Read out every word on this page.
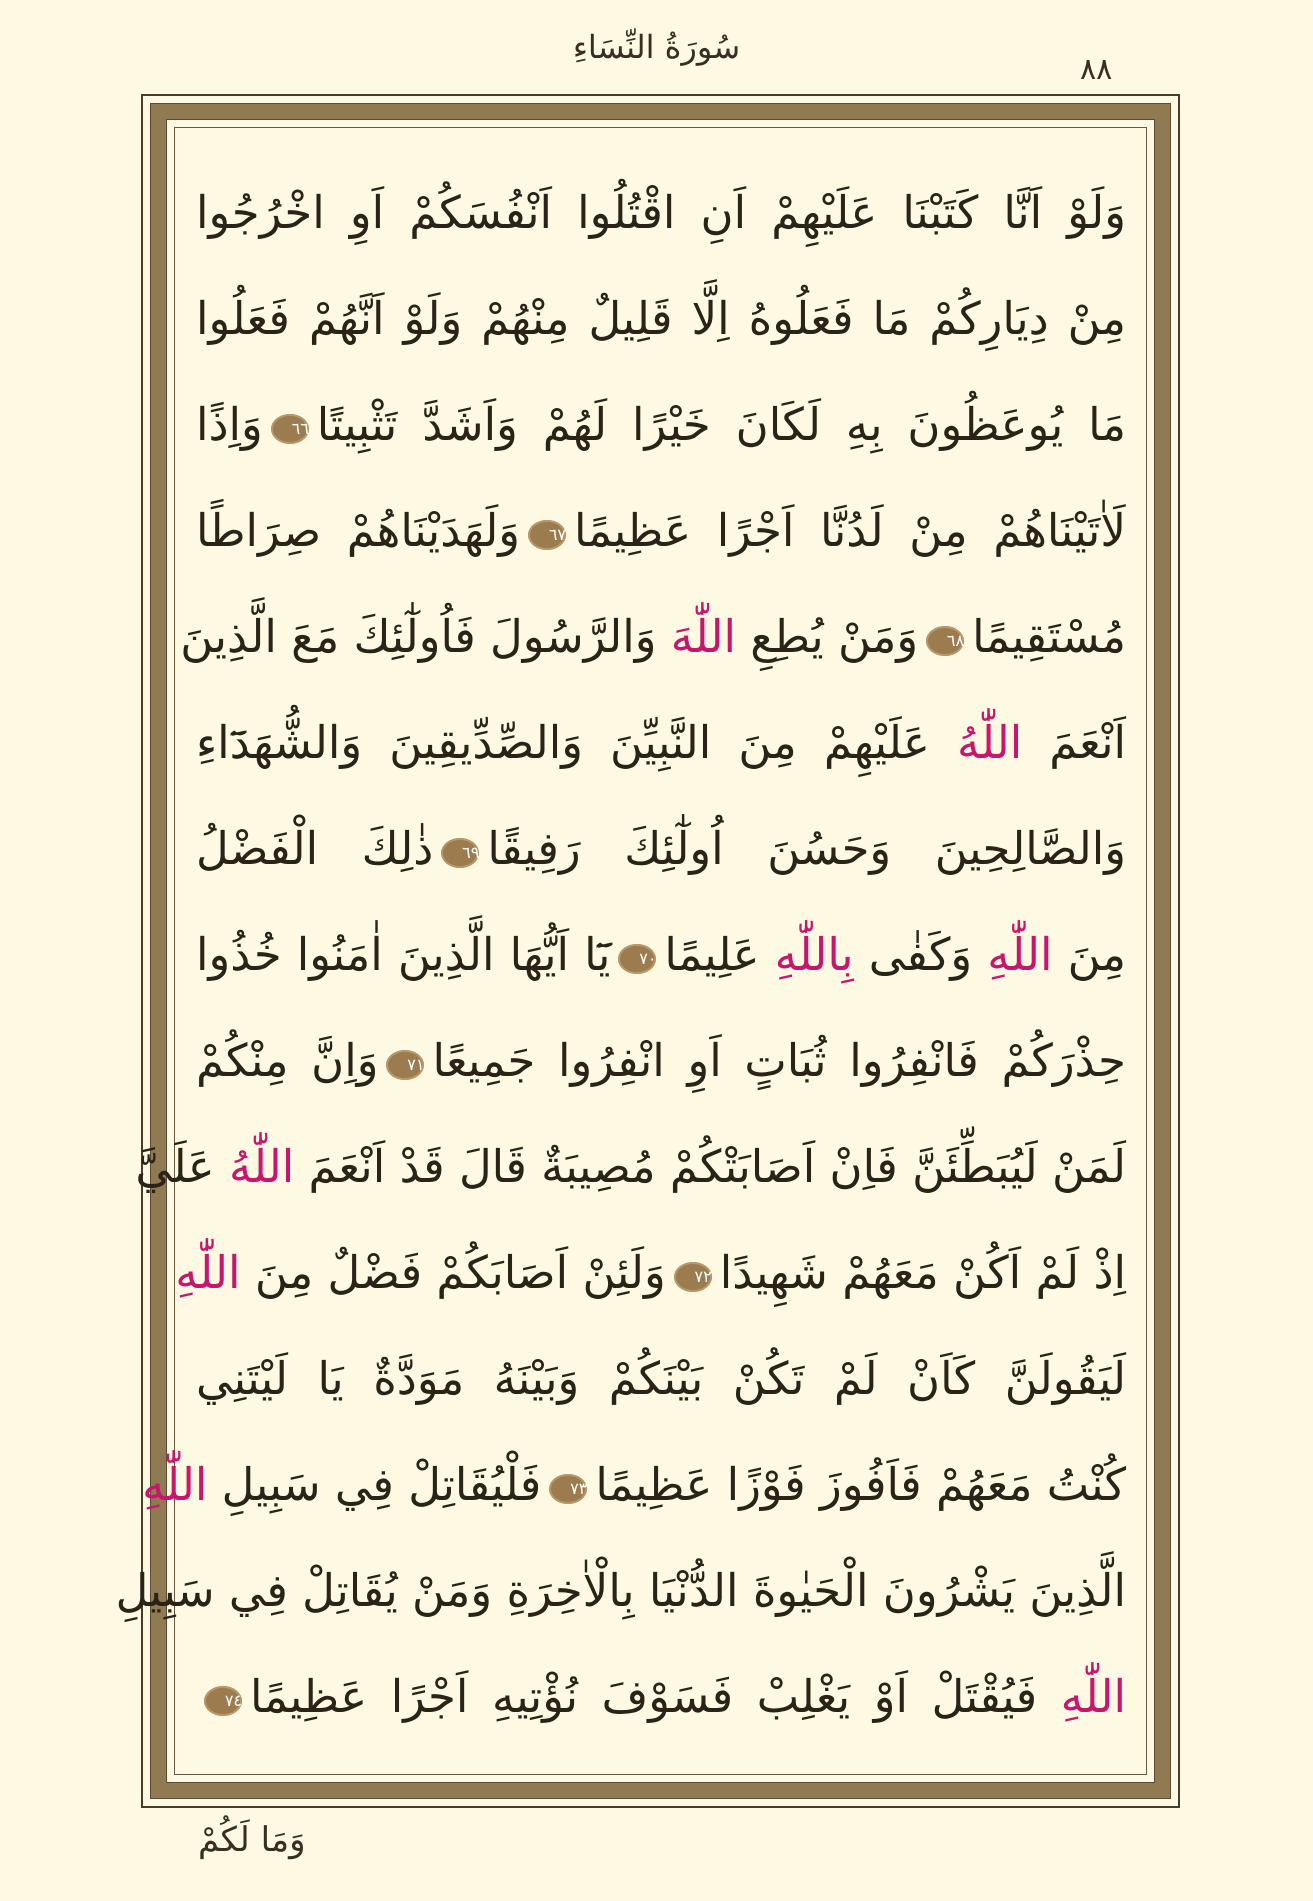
سُورَةُ النِّسَاءِ
٨٨
وَلَوْ اَنَّا كَتَبْنَا عَلَيْهِمْ اَنِ اقْتُلُوا اَنْفُسَكُمْ اَوِ اخْرُجُوا
مِنْ دِيَارِكُمْ مَا فَعَلُوهُ اِلَّا قَلِيلٌ مِنْهُمْ وَلَوْ اَنَّهُمْ فَعَلُوا
مَا يُوعَظُونَ بِهِ لَكَانَ خَيْرًا لَهُمْ وَاَشَدَّ تَثْبِيتًا٦٦وَاِذًا
لَاٰتَيْنَاهُمْ مِنْ لَدُنَّا اَجْرًا عَظِيمًا٦٧وَلَهَدَيْنَاهُمْ صِرَاطًا
مُسْتَقِيمًا٦٨وَمَنْ يُطِعِ اللّٰهَ وَالرَّسُولَ فَاُولٰٓئِكَ مَعَ الَّذِينَ
اَنْعَمَ اللّٰهُ عَلَيْهِمْ مِنَ النَّبِيِّنَ وَالصِّدِّيقِينَ وَالشُّهَدَٓاءِ
وَالصَّالِحِينَ وَحَسُنَ اُولٰٓئِكَ رَفِيقًا٦٩ذٰلِكَ الْفَضْلُ
مِنَ اللّٰهِ وَكَفٰى بِاللّٰهِ عَلِيمًا٧٠يَٓا اَيُّهَا الَّذِينَ اٰمَنُوا خُذُوا
حِذْرَكُمْ فَانْفِرُوا ثُبَاتٍ اَوِ انْفِرُوا جَمِيعًا٧١وَاِنَّ مِنْكُمْ
لَمَنْ لَيُبَطِّئَنَّ فَاِنْ اَصَابَتْكُمْ مُصِيبَةٌ قَالَ قَدْ اَنْعَمَ اللّٰهُ عَلَيَّ
اِذْ لَمْ اَكُنْ مَعَهُمْ شَهِيدًا٧٢وَلَئِنْ اَصَابَكُمْ فَضْلٌ مِنَ اللّٰهِ
لَيَقُولَنَّ كَاَنْ لَمْ تَكُنْ بَيْنَكُمْ وَبَيْنَهُ مَوَدَّةٌ يَا لَيْتَنِي
كُنْتُ مَعَهُمْ فَاَفُوزَ فَوْزًا عَظِيمًا٧٣فَلْيُقَاتِلْ فِي سَبِيلِ اللّٰهِ
الَّذِينَ يَشْرُونَ الْحَيٰوةَ الدُّنْيَا بِالْاٰخِرَةِ وَمَنْ يُقَاتِلْ فِي سَبِيلِ
اللّٰهِ فَيُقْتَلْ اَوْ يَغْلِبْ فَسَوْفَ نُؤْتِيهِ اَجْرًا عَظِيمًا٧٤
وَمَا لَكُمْ
